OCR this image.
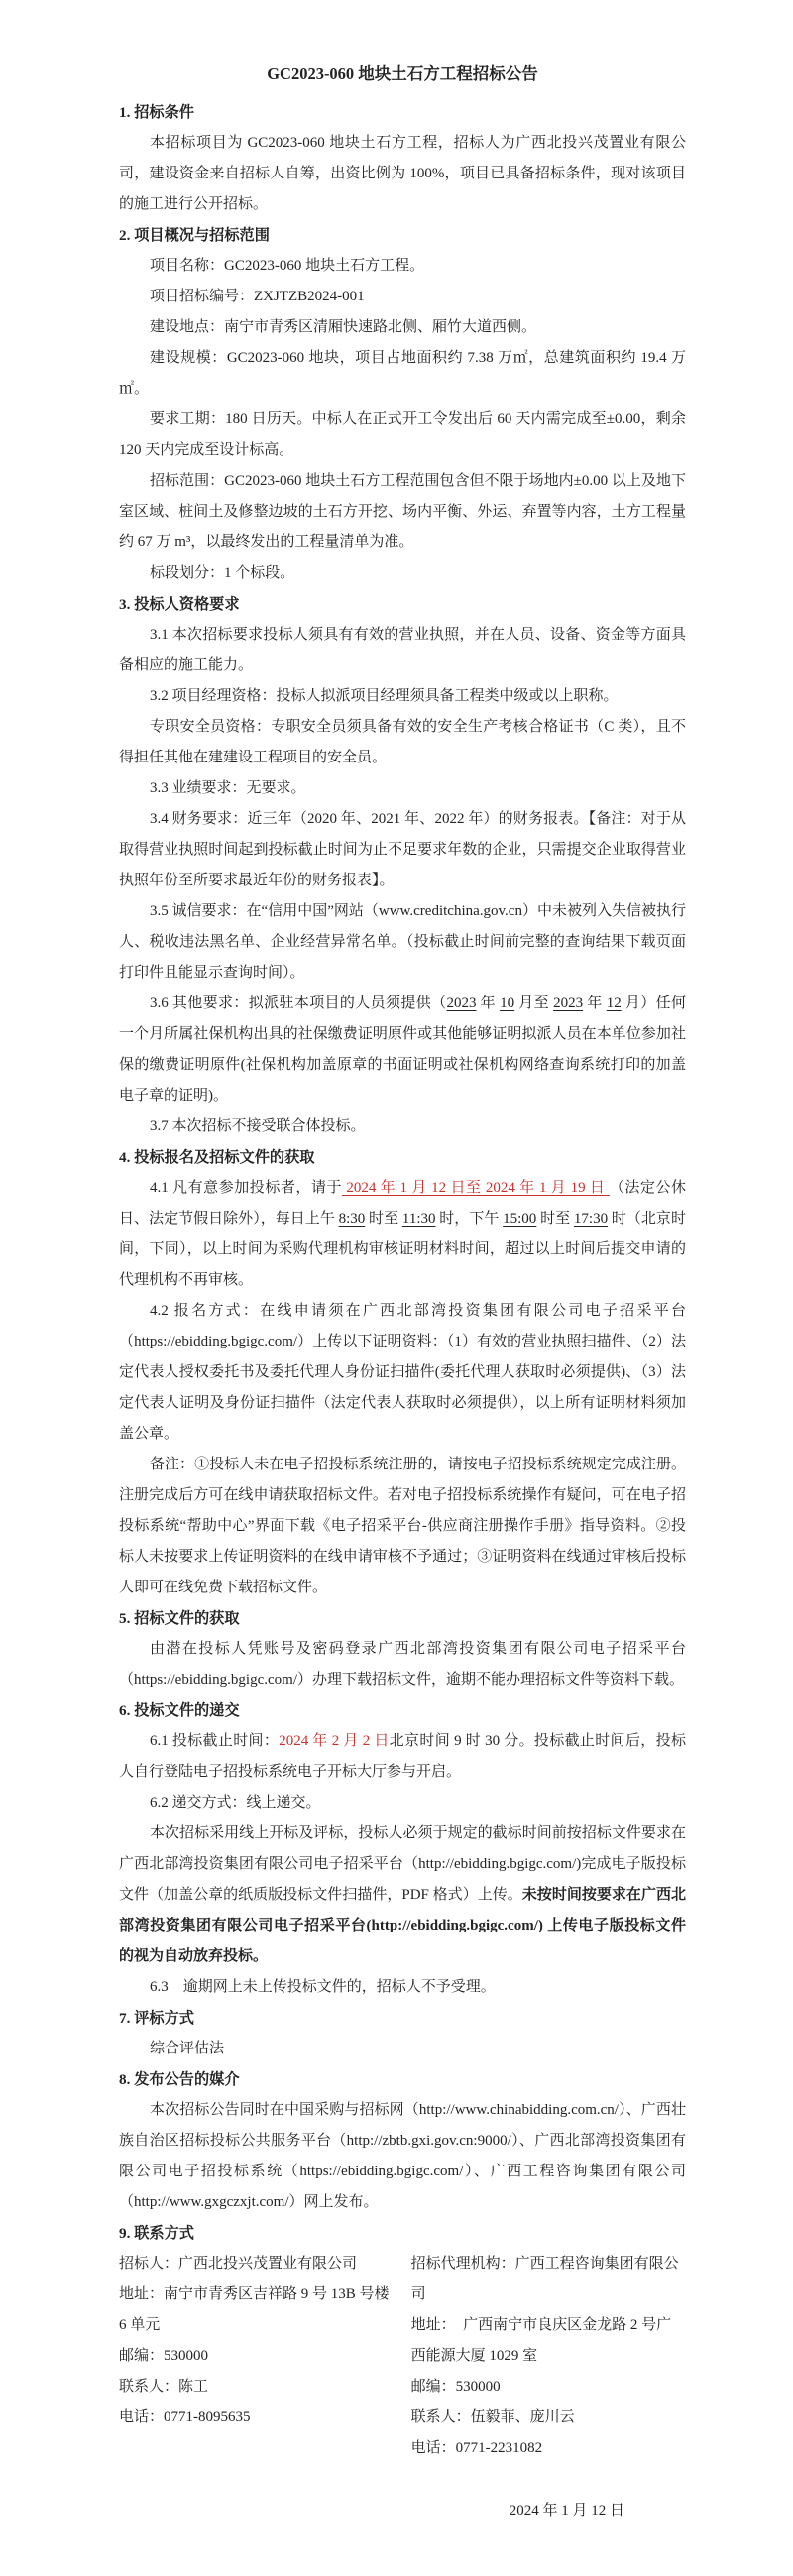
GC2023-060 地块土石方工程招标公告
1. 招标条件
本招标项目为 GC2023-060 地块土石方工程，招标人为广西北投兴茂置业有限公司，建设资金来自招标人自筹，出资比例为 100%，项目已具备招标条件，现对该项目的施工进行公开招标。
2. 项目概况与招标范围
项目名称：GC2023-060 地块土石方工程。
项目招标编号：ZXJTZB2024-001
建设地点：南宁市青秀区清厢快速路北侧、厢竹大道西侧。
建设规模：GC2023-060 地块，项目占地面积约 7.38 万㎡，总建筑面积约 19.4 万㎡。
要求工期：180 日历天。中标人在正式开工令发出后 60 天内需完成至±0.00，剩余 120 天内完成至设计标高。
招标范围：GC2023-060 地块土石方工程范围包含但不限于场地内±0.00 以上及地下室区域、桩间土及修整边坡的土石方开挖、场内平衡、外运、弃置等内容，土方工程量约 67 万 m³，以最终发出的工程量清单为准。
标段划分：1 个标段。
3. 投标人资格要求
3.1 本次招标要求投标人须具有有效的营业执照，并在人员、设备、资金等方面具备相应的施工能力。
3.2 项目经理资格：投标人拟派项目经理须具备工程类中级或以上职称。
专职安全员资格：专职安全员须具备有效的安全生产考核合格证书（C 类），且不得担任其他在建建设工程项目的安全员。
3.3 业绩要求：无要求。
3.4 财务要求：近三年（2020 年、2021 年、2022 年）的财务报表。【备注：对于从取得营业执照时间起到投标截止时间为止不足要求年数的企业，只需提交企业取得营业执照年份至所要求最近年份的财务报表】。
3.5 诚信要求：在“信用中国”网站（www.creditchina.gov.cn）中未被列入失信被执行人、税收违法黑名单、企业经营异常名单。（投标截止时间前完整的查询结果下载页面打印件且能显示查询时间）。
3.6 其他要求：拟派驻本项目的人员须提供（2023 年 10 月至 2023 年 12 月）任何一个月所属社保机构出具的社保缴费证明原件或其他能够证明拟派人员在本单位参加社保的缴费证明原件(社保机构加盖原章的书面证明或社保机构网络查询系统打印的加盖电子章的证明)。
3.7 本次招标不接受联合体投标。
4. 投标报名及招标文件的获取
4.1 凡有意参加投标者，请于 2024 年 1 月 12 日至 2024 年 1 月 19 日 （法定公休日、法定节假日除外），每日上午 8:30 时至 11:30 时，下午 15:00 时至 17:30 时（北京时间，下同），以上时间为采购代理机构审核证明材料时间，超过以上时间后提交申请的代理机构不再审核。
4.2 报名方式：在线申请须在广西北部湾投资集团有限公司电子招采平台（https://ebidding.bgigc.com/）上传以下证明资料：（1）有效的营业执照扫描件、（2）法定代表人授权委托书及委托代理人身份证扫描件(委托代理人获取时必须提供)、（3）法定代表人证明及身份证扫描件（法定代表人获取时必须提供），以上所有证明材料须加盖公章。
备注：①投标人未在电子招投标系统注册的，请按电子招投标系统规定完成注册。注册完成后方可在线申请获取招标文件。若对电子招投标系统操作有疑问，可在电子招投标系统“帮助中心”界面下载《电子招采平台-供应商注册操作手册》指导资料。②投标人未按要求上传证明资料的在线申请审核不予通过；③证明资料在线通过审核后投标人即可在线免费下载招标文件。
5. 招标文件的获取
由潜在投标人凭账号及密码登录广西北部湾投资集团有限公司电子招采平台（https://ebidding.bgigc.com/）办理下载招标文件，逾期不能办理招标文件等资料下载。
6. 投标文件的递交
6.1 投标截止时间：2024 年 2 月 2 日北京时间 9 时 30 分。投标截止时间后，投标人自行登陆电子招投标系统电子开标大厅参与开启。
6.2 递交方式：线上递交。
本次招标采用线上开标及评标，投标人必须于规定的截标时间前按招标文件要求在广西北部湾投资集团有限公司电子招采平台（http://ebidding.bgigc.com/)完成电子版投标文件（加盖公章的纸质版投标文件扫描件，PDF 格式）上传。未按时间按要求在广西北部湾投资集团有限公司电子招采平台(http://ebidding.bgigc.com/) 上传电子版投标文件的视为自动放弃投标。
6.3　逾期网上未上传投标文件的，招标人不予受理。
7. 评标方式
综合评估法
8. 发布公告的媒介
本次招标公告同时在中国采购与招标网（http://www.chinabidding.com.cn/）、广西壮族自治区招标投标公共服务平台（http://zbtb.gxi.gov.cn:9000/）、广西北部湾投资集团有限公司电子招投标系统（https://ebidding.bgigc.com/）、广西工程咨询集团有限公司（http://www.gxgczxjt.com/）网上发布。
9. 联系方式
招标人：广西北投兴茂置业有限公司
地址：南宁市青秀区吉祥路 9 号 13B 号楼 6 单元
邮编：530000
联系人：陈工
电话：0771-8095635
招标代理机构：广西工程咨询集团有限公司
地址：　广西南宁市良庆区金龙路 2 号广西能源大厦 1029 室
邮编：530000
联系人：伍毅菲、庞川云
电话：0771-2231082
2024 年 1 月 12 日
